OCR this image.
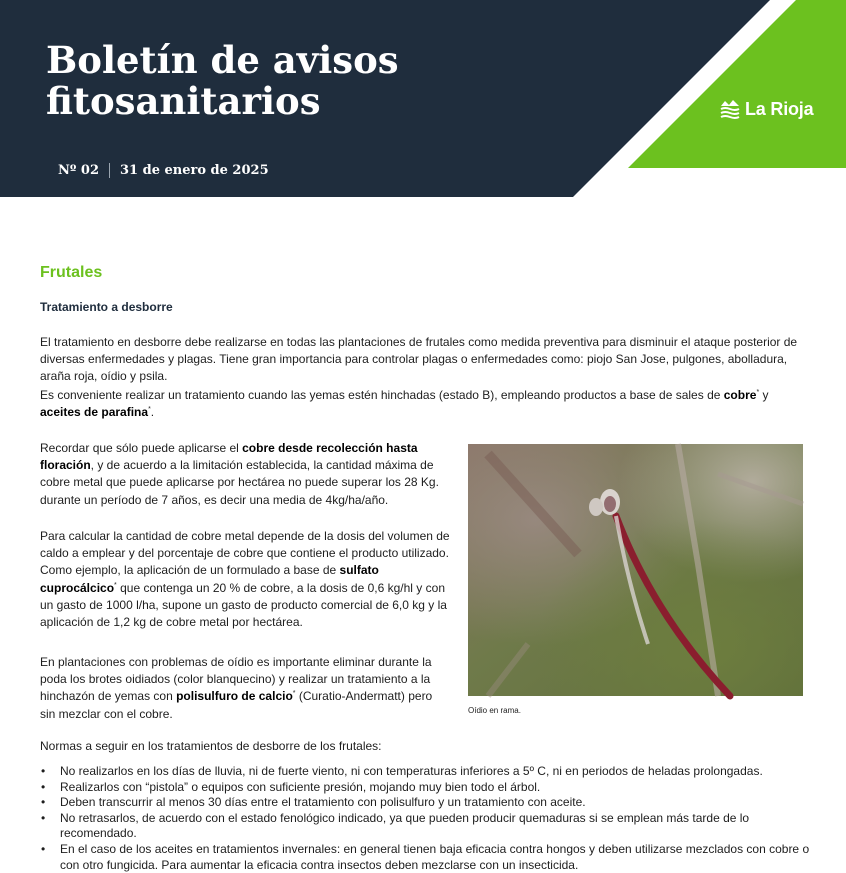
Boletín de avisos
fitosanitarios
Nº 02 31 de enero de 2025
La Rioja
Frutales
Tratamiento a desborre
El tratamiento en desborre debe realizarse en todas las plantaciones de frutales como medida preventiva para disminuir el ataque posterior de diversas enfermedades y plagas. Tiene gran importancia para controlar plagas o enfermedades como: piojo San Jose, pulgones, abolladura, araña roja, oídio y psila.
Es conveniente realizar un tratamiento cuando las yemas estén hinchadas (estado B), empleando productos a base de sales de cobre* y aceites de parafina*.
Recordar que sólo puede aplicarse el cobre desde recolección hasta floración, y de acuerdo a la limitación establecida, la cantidad máxima de cobre metal que puede aplicarse por hectárea no puede superar los 28 Kg. durante un período de 7 años, es decir una media de 4kg/ha/año.
Para calcular la cantidad de cobre metal depende de la dosis del volumen de caldo a emplear y del porcentaje de cobre que contiene el producto utilizado. Como ejemplo, la aplicación de un formulado a base de sulfato cuprocálcico* que contenga un 20 % de cobre, a la dosis de 0,6 kg/hl y con un gasto de 1000 l/ha, supone un gasto de producto comercial de 6,0 kg y la aplicación de 1,2 kg de cobre metal por hectárea.
En plantaciones con problemas de oídio es importante eliminar durante la poda los brotes oidiados (color blanquecino) y realizar un tratamiento a la hinchazón de yemas con polisulfuro de calcio* (Curatio-Andermatt) pero sin mezclar con el cobre.	Oídio en rama.
Normas a seguir en los tratamientos de desborre de los frutales:
• No realizarlos en los días de lluvia, ni de fuerte viento, ni con temperaturas inferiores a 5º C, ni en periodos de heladas prolongadas.
• Realizarlos con “pistola” o equipos con suficiente presión, mojando muy bien todo el árbol.
• Deben transcurrir al menos 30 días entre el tratamiento con polisulfuro y un tratamiento con aceite.
• No retrasarlos, de acuerdo con el estado fenológico indicado, ya que pueden producir quemaduras si se emplean más tarde de lo recomendado.
• En el caso de los aceites en tratamientos invernales: en general tienen baja eficacia contra hongos y deben utilizarse mezclados con cobre o con otro fungicida. Para aumentar la eficacia contra insectos deben mezclarse con un insecticida.
